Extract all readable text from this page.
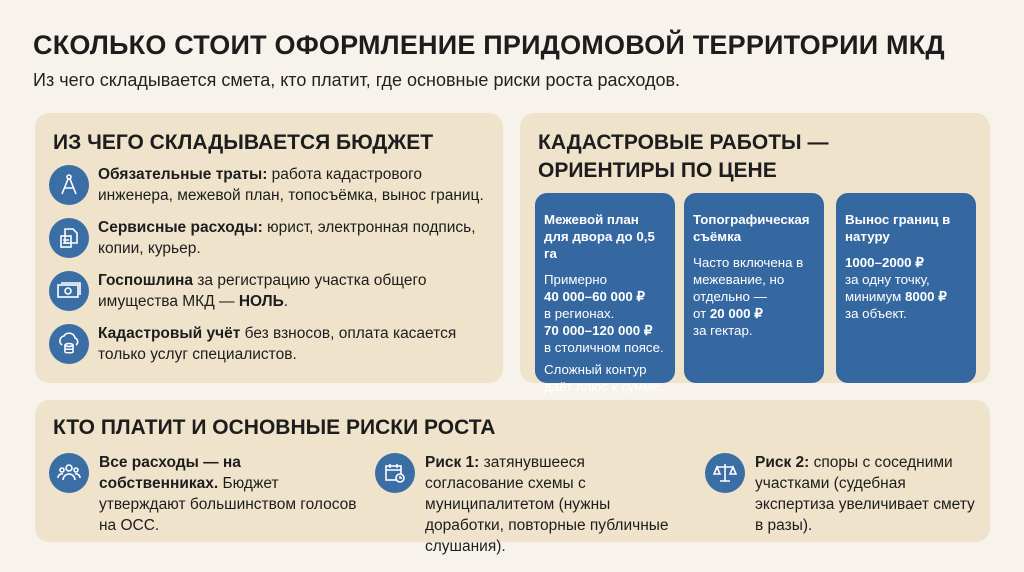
СКОЛЬКО СТОИТ ОФОРМЛЕНИЕ ПРИДОМОВОЙ ТЕРРИТОРИИ МКД
Из чего складывается смета, кто платит, где основные риски роста расходов.
ИЗ ЧЕГО СКЛАДЫВАЕТСЯ БЮДЖЕТ
Обязательные траты: работа кадастрового инженера, межевой план, топосъёмка, вынос границ.
Сервисные расходы: юрист, электронная подпись, копии, курьер.
Госпошлина за регистрацию участка общего имущества МКД — НОЛЬ.
Кадастровый учёт без взносов, оплата касается только услуг специалистов.
КАДАСТРОВЫЕ РАБОТЫ —
ОРИЕНТИРЫ ПО ЦЕНЕ
Межевой план для двора до 0,5 га
Примерно
40 000–60 000 ₽
в регионах.
70 000–120 000 ₽
в столичном поясе.
Сложный контур даёт плюс к сумме.
Топографическая съёмка
Часто включена в межевание, но отдельно —
от 20 000 ₽
за гектар.
Вынос границ в натуру
1000–2000 ₽
за одну точку,
минимум 8000 ₽
за объект.
КТО ПЛАТИТ И ОСНОВНЫЕ РИСКИ РОСТА
Все расходы — на собственниках. Бюджет утверждают большинством голосов на ОСС.
Риск 1: затянувшееся согласование схемы с муниципалитетом (нужны доработки, повторные публичные слушания).
Риск 2: споры с соседними участками (судебная экспертиза увеличивает смету в разы).
